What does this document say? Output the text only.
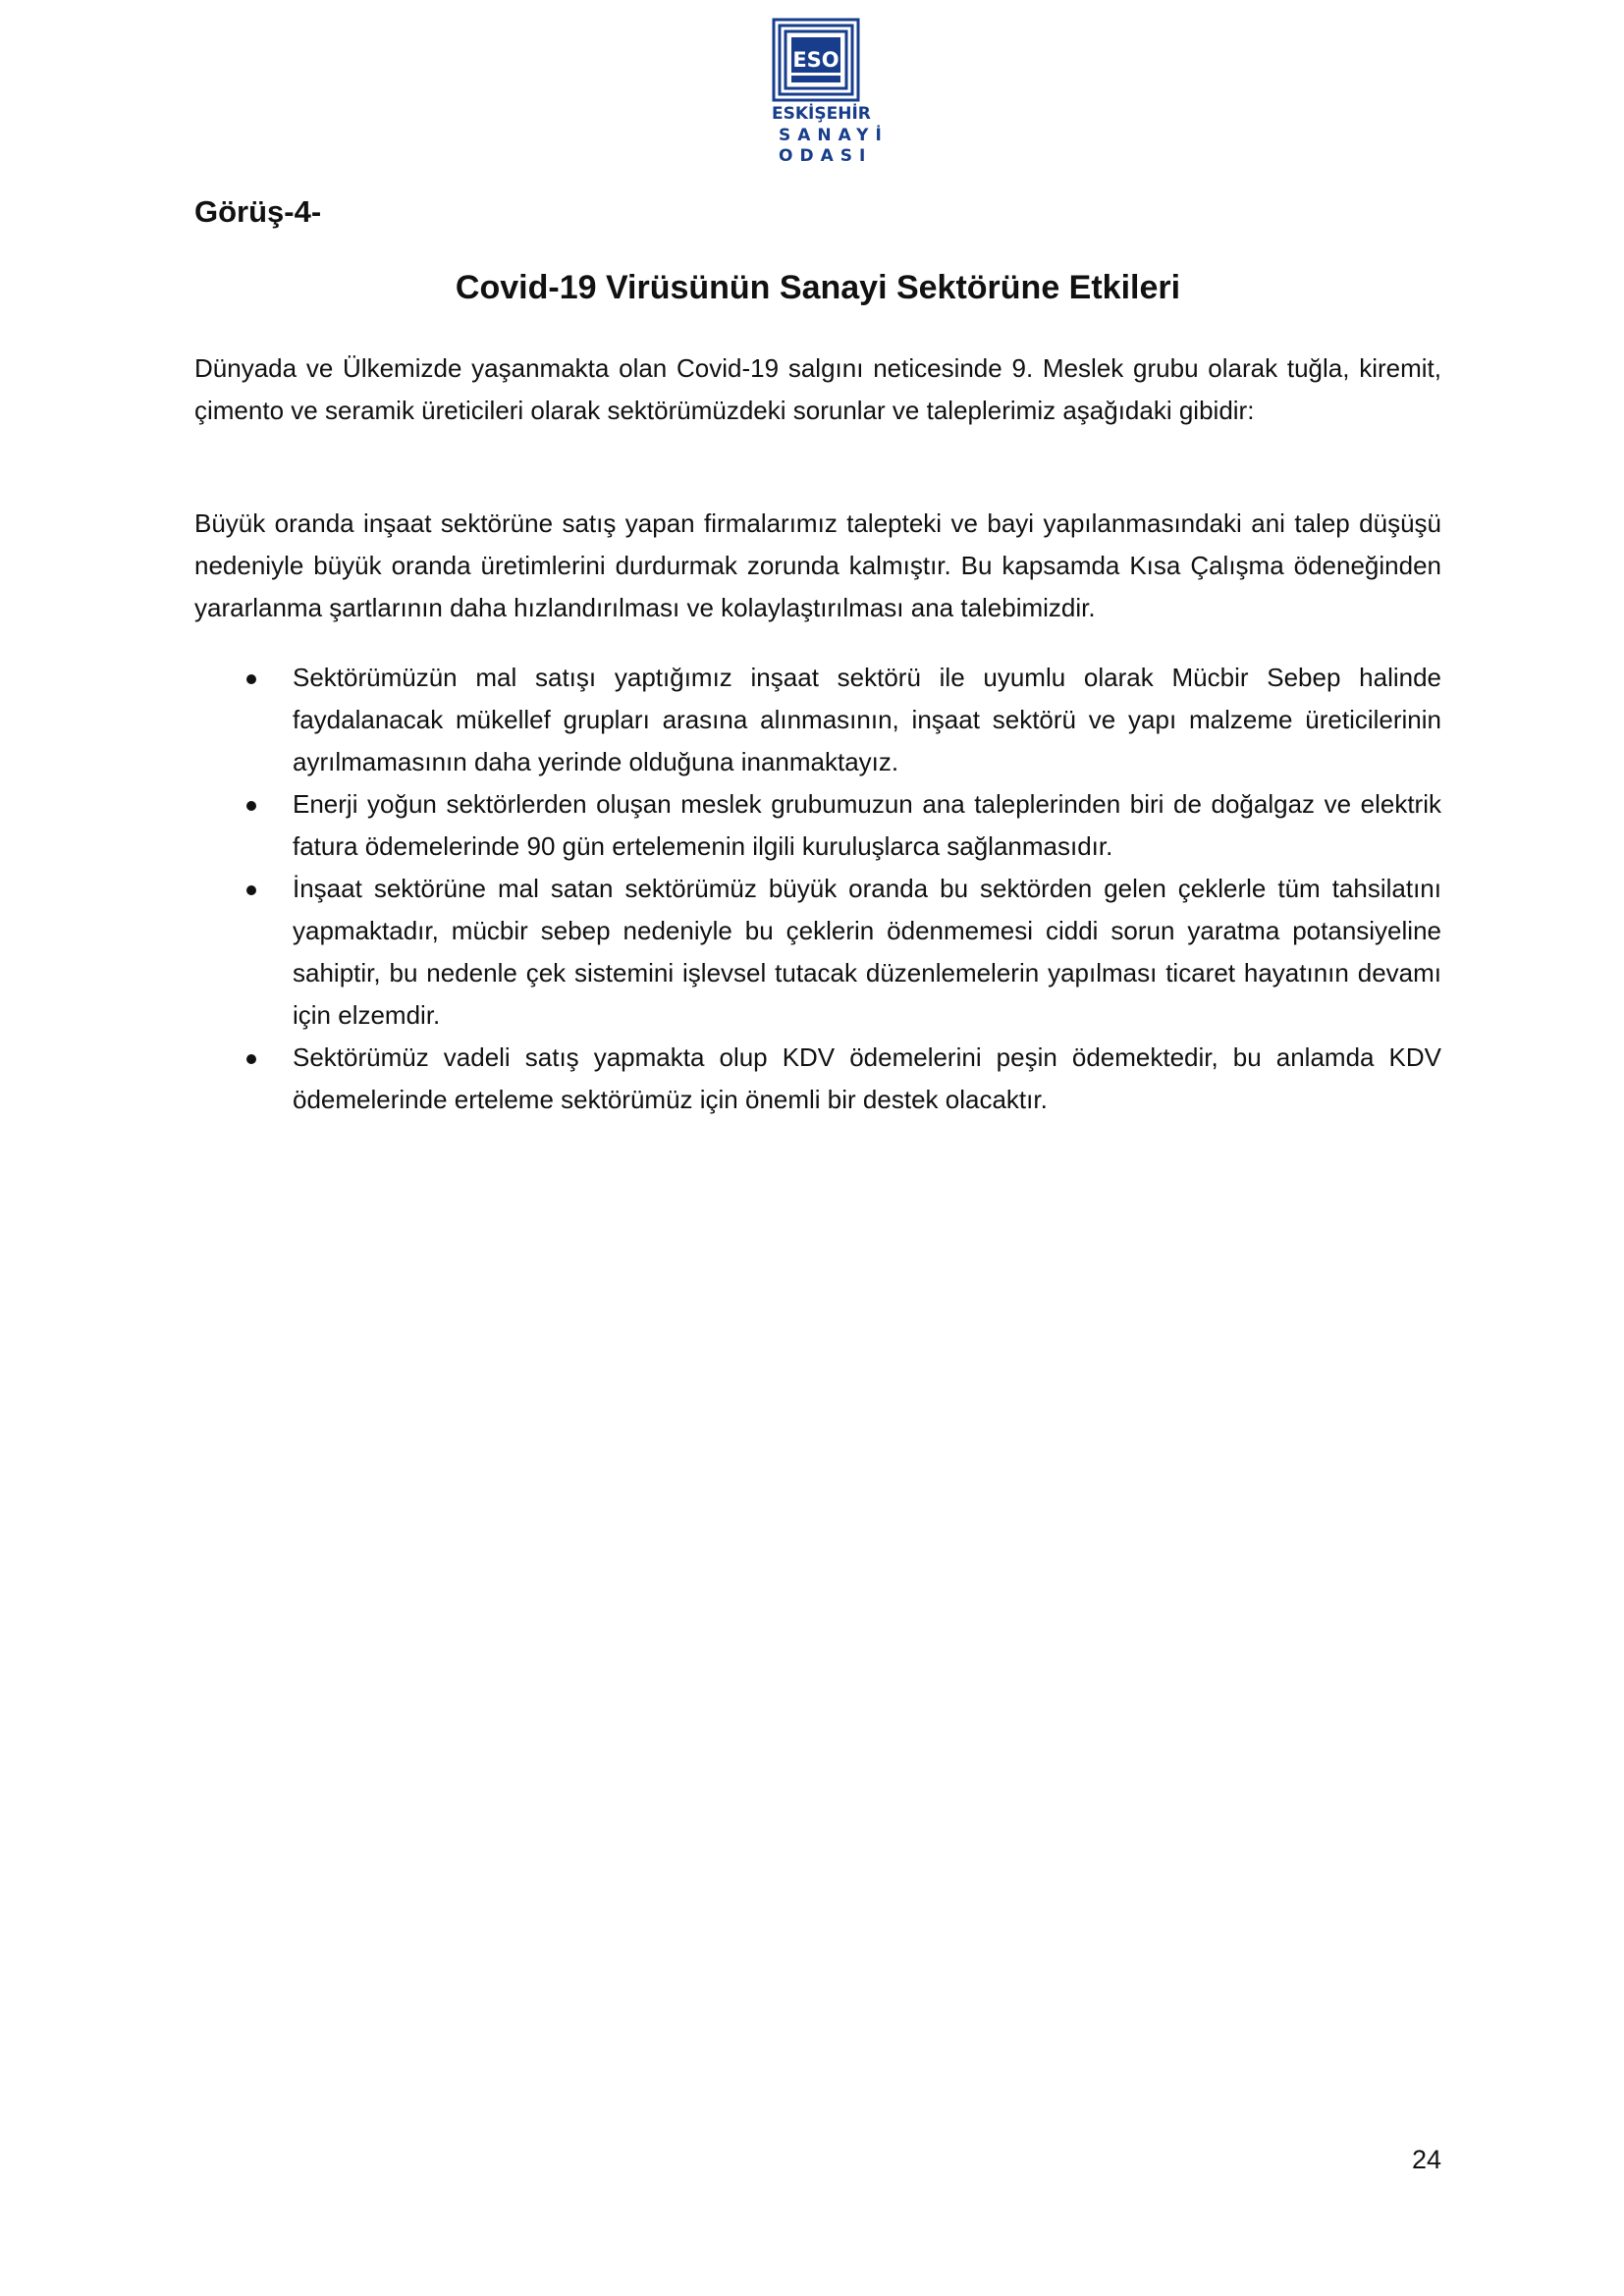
ESO
ESKİŞEHİR
SANAYİ
ODASI

Görüş-4-

Covid-19 Virüsünün Sanayi Sektörüne Etkileri

Dünyada ve Ülkemizde yaşanmakta olan Covid-19 salgını neticesinde 9. Meslek grubu olarak tuğla, kiremit, çimento ve seramik üreticileri olarak sektörümüzdeki sorunlar ve taleplerimiz aşağıdaki gibidir:

Büyük oranda inşaat sektörüne satış yapan firmalarımız talepteki ve bayi yapılanmasındaki ani talep düşüşü nedeniyle büyük oranda üretimlerini durdurmak zorunda kalmıştır. Bu kapsamda Kısa Çalışma ödeneğinden yararlanma şartlarının daha hızlandırılması ve kolaylaştırılması ana talebimizdir.

Sektörümüzün mal satışı yaptığımız inşaat sektörü ile uyumlu olarak Mücbir Sebep halinde faydalanacak mükellef grupları arasına alınmasının, inşaat sektörü ve yapı malzeme üreticilerinin ayrılmamasının daha yerinde olduğuna inanmaktayız.
Enerji yoğun sektörlerden oluşan meslek grubumuzun ana taleplerinden biri de doğalgaz ve elektrik fatura ödemelerinde 90 gün ertelemenin ilgili kuruluşlarca sağlanmasıdır.
İnşaat sektörüne mal satan sektörümüz büyük oranda bu sektörden gelen çeklerle tüm tahsilatını yapmaktadır, mücbir sebep nedeniyle bu çeklerin ödenmemesi ciddi sorun yaratma potansiyeline sahiptir, bu nedenle çek sistemini işlevsel tutacak düzenlemelerin yapılması ticaret hayatının devamı için elzemdir.
Sektörümüz vadeli satış yapmakta olup KDV ödemelerini peşin ödemektedir, bu anlamda KDV ödemelerinde erteleme sektörümüz için önemli bir destek olacaktır.

24
